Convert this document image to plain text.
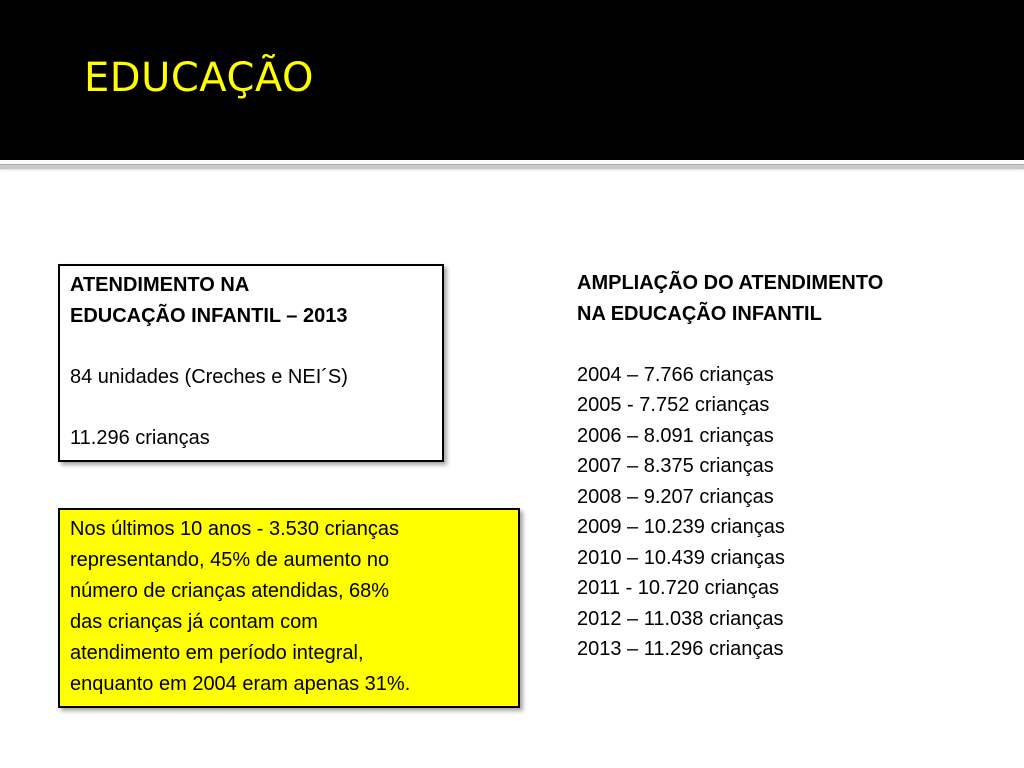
EDUCAÇÃO
ATENDIMENTO NA
EDUCAÇÃO INFANTIL – 2013
84 unidades (Creches e NEI´S)
11.296 crianças
Nos últimos 10 anos - 3.530 crianças
representando, 45% de aumento no
número de crianças atendidas, 68%
das crianças já contam com
atendimento em período integral,
enquanto em 2004 eram apenas 31%.
AMPLIAÇÃO DO ATENDIMENTO
NA EDUCAÇÃO INFANTIL
2004 – 7.766 crianças
2005 - 7.752 crianças
2006 – 8.091 crianças
2007 – 8.375 crianças
2008 – 9.207 crianças
2009 – 10.239 crianças
2010 – 10.439 crianças
2011 - 10.720 crianças
2012 – 11.038 crianças
2013 – 11.296 crianças
